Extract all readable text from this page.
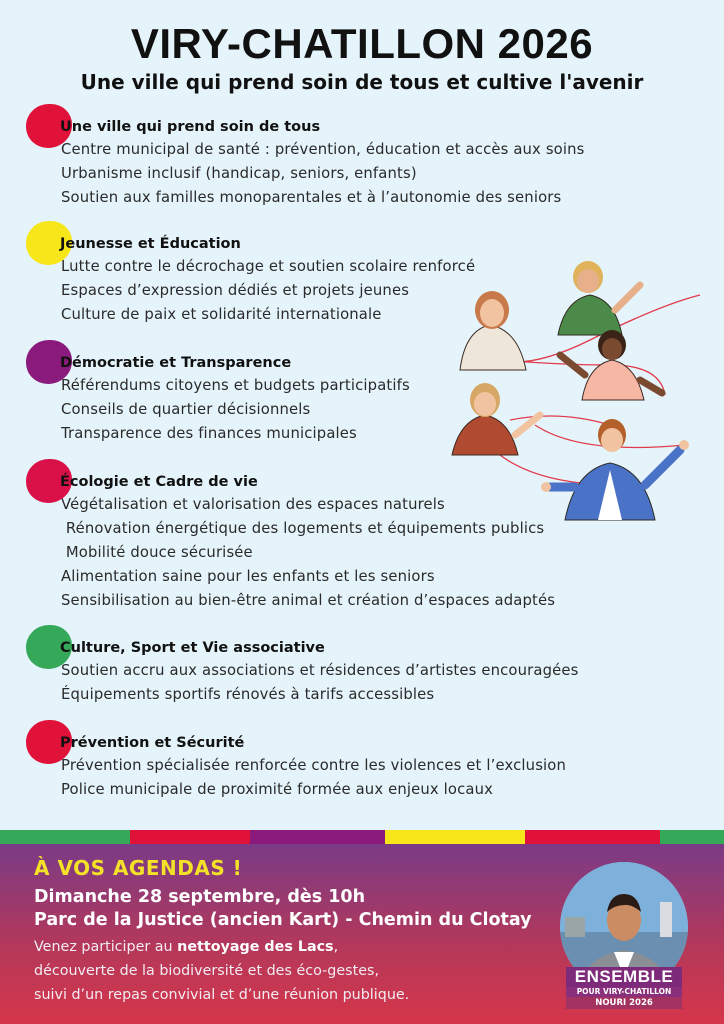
VIRY-CHATILLON 2026
Une ville qui prend soin de tous et cultive l'avenir
Une ville qui prend soin de tous
Centre municipal de santé : prévention, éducation et accès aux soins
Urbanisme inclusif (handicap, seniors, enfants)
Soutien aux familles monoparentales et à l’autonomie des seniors
Jeunesse et Éducation
Lutte contre le décrochage et soutien scolaire renforcé
Espaces d’expression dédiés et projets jeunes
Culture de paix et solidarité internationale
Démocratie et Transparence
Référendums citoyens et budgets participatifs
Conseils de quartier décisionnels
Transparence des finances municipales
Écologie et Cadre de vie
Végétalisation et valorisation des espaces naturels
Rénovation énergétique des logements et équipements publics
Mobilité douce sécurisée
Alimentation saine pour les enfants et les seniors
Sensibilisation au bien-être animal et création d’espaces adaptés
Culture, Sport et Vie associative
Soutien accru aux associations et résidences d’artistes encouragées
Équipements sportifs rénovés à tarifs accessibles
Prévention et Sécurité
Prévention spécialisée renforcée contre les violences et l’exclusion
Police municipale de proximité formée aux enjeux locaux
À VOS AGENDAS !
Dimanche 28 septembre, dès 10h
Parc de la Justice (ancien Kart) - Chemin du Clotay
Venez participer au nettoyage des Lacs,
découverte de la biodiversité et des éco-gestes,
suivi d’un repas convivial et d’une réunion publique.
ENSEMBLE
POUR VIRY-CHATILLON
NOURI 2026
